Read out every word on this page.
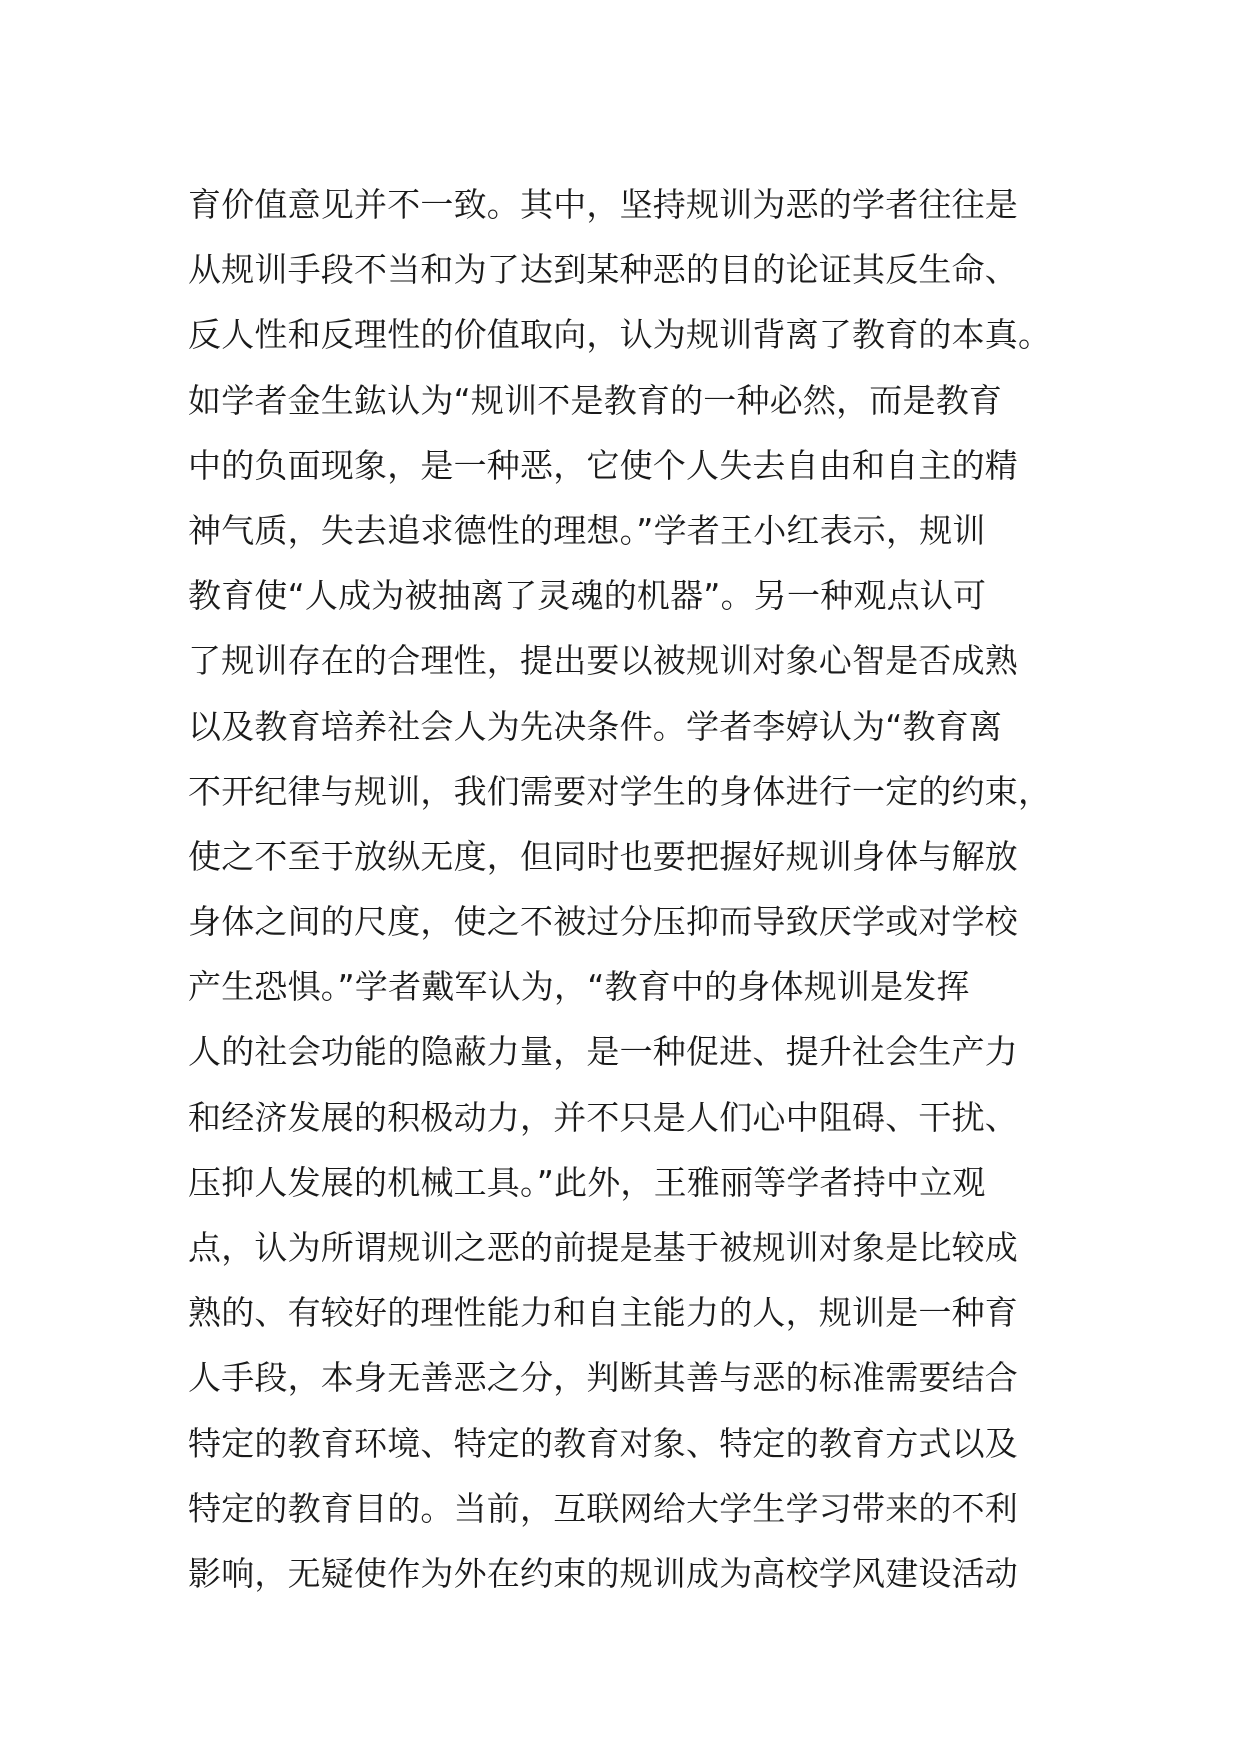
育价值意见并不一致。其中，坚持规训为恶的学者往往是
从规训手段不当和为了达到某种恶的目的论证其反生命、
反人性和反理性的价值取向，认为规训背离了教育的本真。
如学者金生鈜认为“规训不是教育的一种必然，而是教育
中的负面现象，是一种恶，它使个人失去自由和自主的精
神气质，失去追求德性的理想。”学者王小红表示，规训
教育使“人成为被抽离了灵魂的机器”。另一种观点认可
了规训存在的合理性，提出要以被规训对象心智是否成熟
以及教育培养社会人为先决条件。学者李婷认为“教育离
不开纪律与规训，我们需要对学生的身体进行一定的约束，
使之不至于放纵无度，但同时也要把握好规训身体与解放
身体之间的尺度，使之不被过分压抑而导致厌学或对学校
产生恐惧。”学者戴军认为，“教育中的身体规训是发挥
人的社会功能的隐蔽力量，是一种促进、提升社会生产力
和经济发展的积极动力，并不只是人们心中阻碍、干扰、
压抑人发展的机械工具。”此外，王雅丽等学者持中立观
点，认为所谓规训之恶的前提是基于被规训对象是比较成
熟的、有较好的理性能力和自主能力的人，规训是一种育
人手段，本身无善恶之分，判断其善与恶的标准需要结合
特定的教育环境、特定的教育对象、特定的教育方式以及
特定的教育目的。当前，互联网给大学生学习带来的不利
影响，无疑使作为外在约束的规训成为高校学风建设活动
